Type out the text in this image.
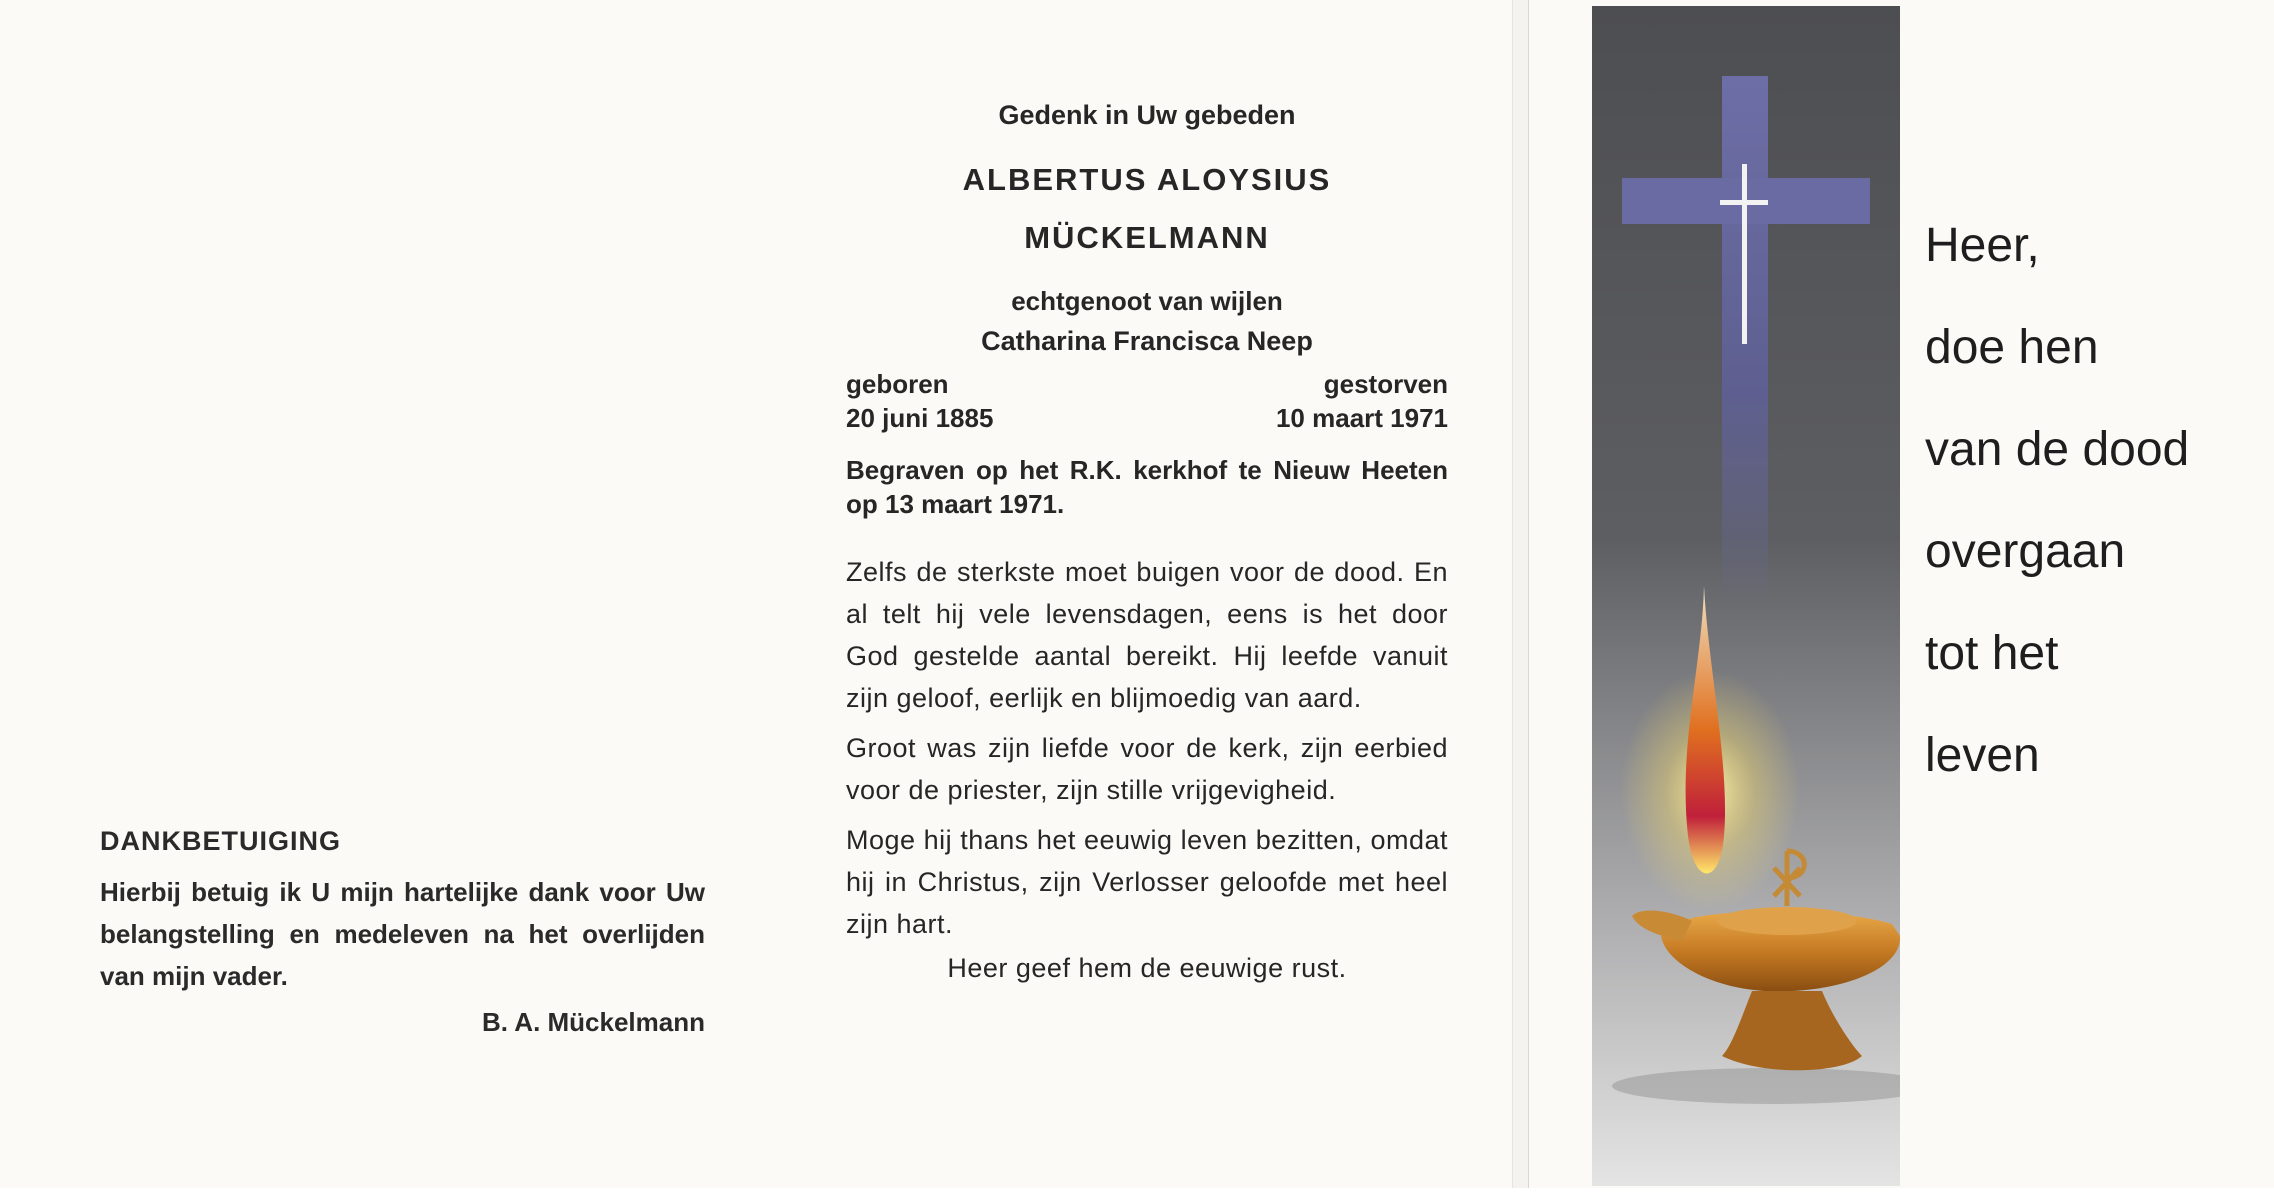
DANKBETUIGING
Hierbij betuig ik U mijn hartelijke dank voor Uw belangstelling en medeleven na het overlijden van mijn vader.
B. A. Mückelmann
Gedenk in Uw gebeden
ALBERTUS ALOYSIUS
MÜCKELMANN
echtgenoot van wijlen
Catharina Francisca Neep
geboren
20 juni 1885
gestorven
10 maart 1971
Begraven op het R.K. kerkhof te Nieuw Heeten op 13 maart 1971.
Zelfs de sterkste moet buigen voor de dood. En al telt hij vele levensdagen, eens is het door God gestelde aantal bereikt. Hij leefde vanuit zijn geloof, eerlijk en blijmoedig van aard.
Groot was zijn liefde voor de kerk, zijn eerbied voor de priester, zijn stille vrijgevigheid.
Moge hij thans het eeuwig leven bezitten, omdat hij in Christus, zijn Verlosser geloofde met heel zijn hart.
Heer geef hem de eeuwige rust.
Heer,
doe hen
van de dood
overgaan
tot het
leven
